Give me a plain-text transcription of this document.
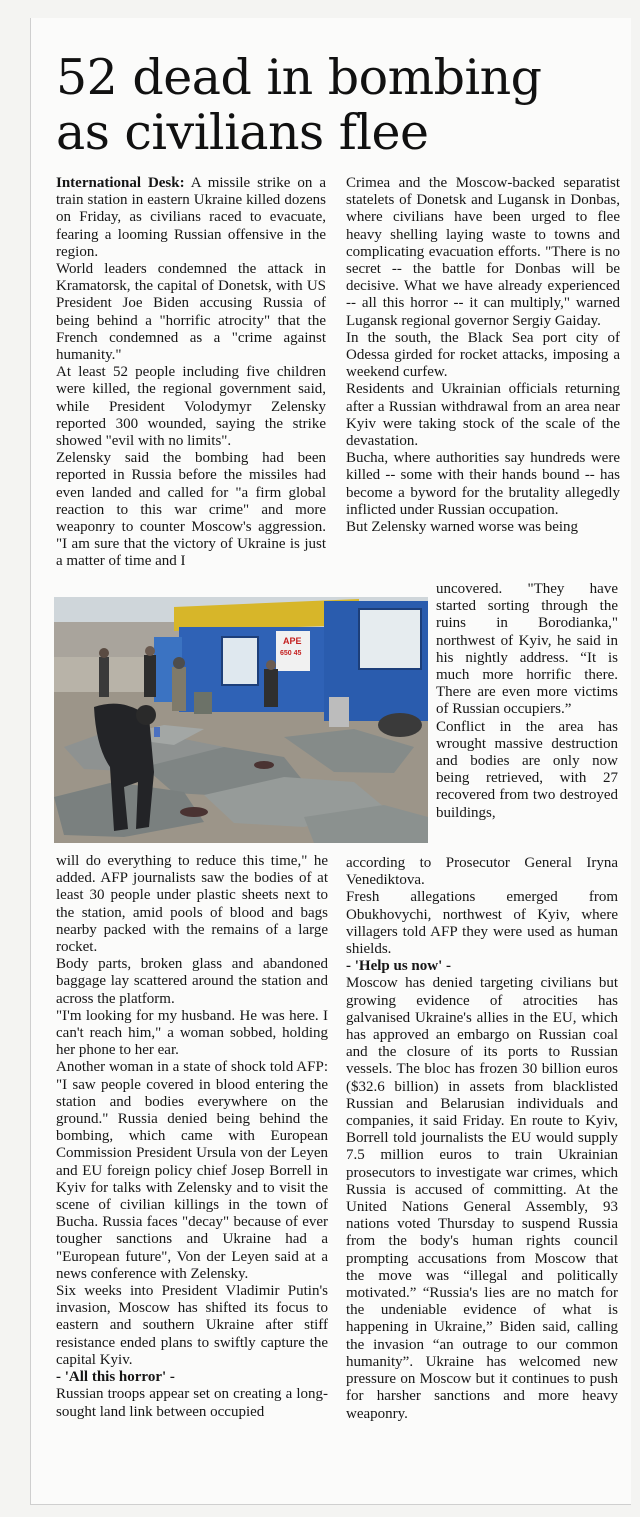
52 dead in bombing
as civilians flee

International Desk: A missile strike on a train station in eastern Ukraine killed dozens on Friday, as civilians raced to evacuate, fearing a looming Russian offensive in the region.

World leaders condemned the attack in Kramatorsk, the capital of Donetsk, with US President Joe Biden accusing Russia of being behind a "horrific atrocity" that the French condemned as a "crime against humanity."

At least 52 people including five children were killed, the regional government said, while President Volodymyr Zelensky reported 300 wounded, saying the strike showed "evil with no limits".

Zelensky said the bombing had been reported in Russia before the missiles had even landed and called for "a firm global reaction to this war crime" and more weaponry to counter Moscow's aggression. "I am sure that the victory of Ukraine is just a matter of time and I

APE
650 45

will do everything to reduce this time," he added. AFP journalists saw the bodies of at least 30 people under plastic sheets next to the station, amid pools of blood and bags nearby packed with the remains of a large rocket.

Body parts, broken glass and abandoned baggage lay scattered around the station and across the platform.

"I'm looking for my husband. He was here. I can't reach him," a woman sobbed, holding her phone to her ear.

Another woman in a state of shock told AFP: "I saw people covered in blood entering the station and bodies everywhere on the ground." Russia denied being behind the bombing, which came with European Commission President Ursula von der Leyen and EU foreign policy chief Josep Borrell in Kyiv for talks with Zelensky and to visit the scene of civilian killings in the town of Bucha. Russia faces "decay" because of ever tougher sanctions and Ukraine had a "European future", Von der Leyen said at a news conference with Zelensky.

Six weeks into President Vladimir Putin's invasion, Moscow has shifted its focus to eastern and southern Ukraine after stiff resistance ended plans to swiftly capture the capital Kyiv.

- 'All this horror' -

Russian troops appear set on creating a long-sought land link between occupied

Crimea and the Moscow-backed separatist statelets of Donetsk and Lugansk in Donbas, where civilians have been urged to flee heavy shelling laying waste to towns and complicating evacuation efforts. "There is no secret -- the battle for Donbas will be decisive. What we have already experienced -- all this horror -- it can multiply," warned Lugansk regional governor Sergiy Gaiday.

In the south, the Black Sea port city of Odessa girded for rocket attacks, imposing a weekend curfew.

Residents and Ukrainian officials returning after a Russian withdrawal from an area near Kyiv were taking stock of the scale of the devastation.

Bucha, where authorities say hundreds were killed -- some with their hands bound -- has become a byword for the brutality allegedly inflicted under Russian occupation.

But Zelensky warned worse was being

uncovered. "They have started sorting through the ruins in Borodianka," northwest of Kyiv, he said in his nightly address. “It is much more horrific there. There are even more victims of Russian occupiers.”

Conflict in the area has wrought massive destruction and bodies are only now being retrieved, with 27 recovered from two destroyed buildings,

according to Prosecutor General Iryna Venediktova.

Fresh allegations emerged from Obukhovychi, northwest of Kyiv, where villagers told AFP they were used as human shields.

- 'Help us now' -

Moscow has denied targeting civilians but growing evidence of atrocities has galvanised Ukraine's allies in the EU, which has approved an embargo on Russian coal and the closure of its ports to Russian vessels. The bloc has frozen 30 billion euros ($32.6 billion) in assets from blacklisted Russian and Belarusian individuals and companies, it said Friday. En route to Kyiv, Borrell told journalists the EU would supply 7.5 million euros to train Ukrainian prosecutors to investigate war crimes, which Russia is accused of committing. At the United Nations General Assembly, 93 nations voted Thursday to suspend Russia from the body's human rights council prompting accusations from Moscow that the move was “illegal and politically motivated.” “Russia's lies are no match for the undeniable evidence of what is happening in Ukraine,” Biden said, calling the invasion “an outrage to our common humanity”. Ukraine has welcomed new pressure on Moscow but it continues to push for harsher sanctions and more heavy weaponry.
